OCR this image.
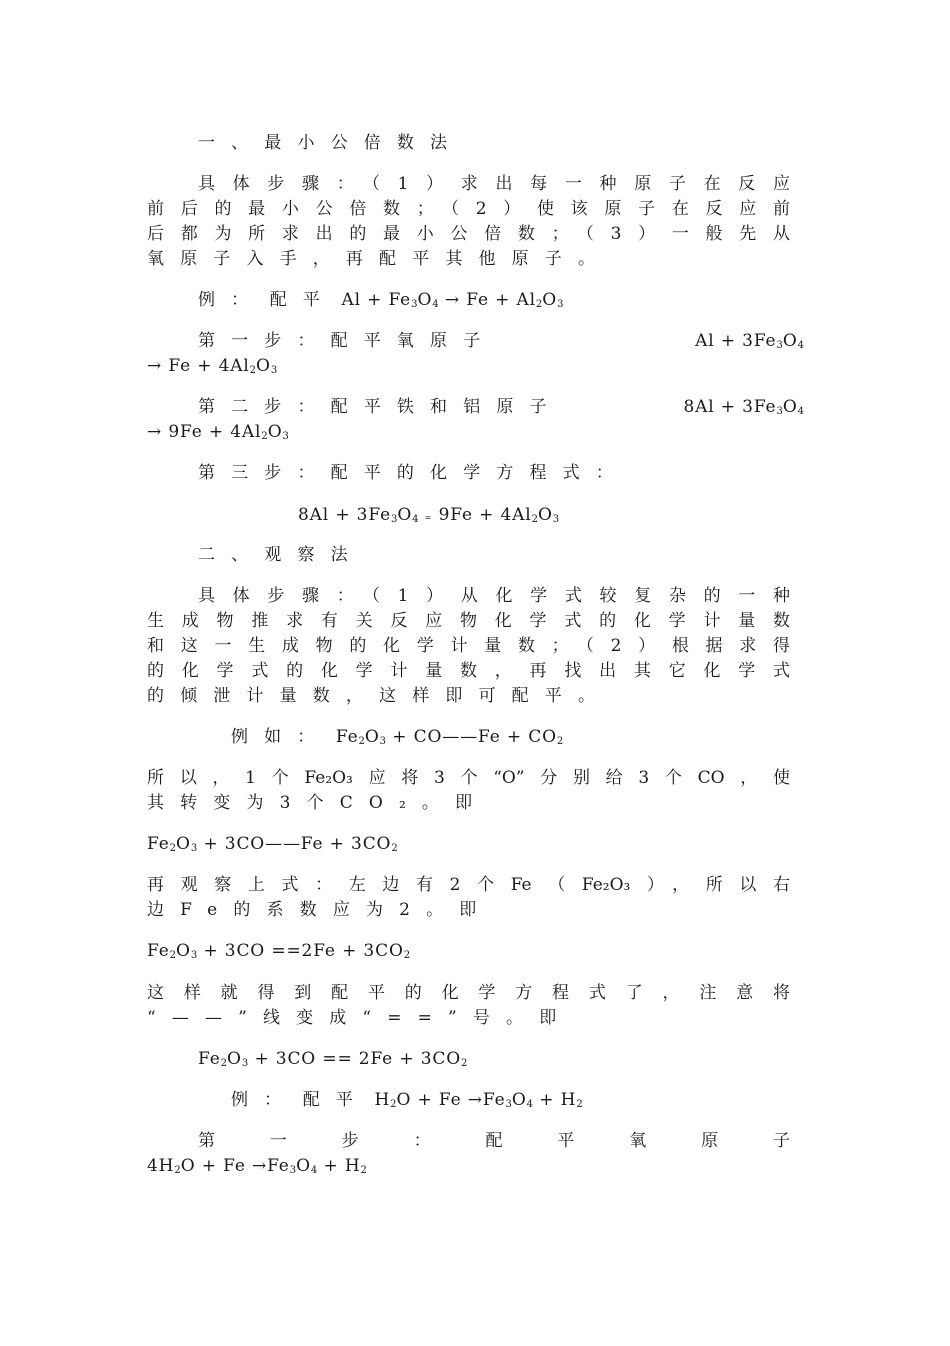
一、最小公倍数法
具体步骤：（1）求出每一种原子在反应
前后的最小公倍数；（2）使该原子在反应前
后都为所求出的最小公倍数；（3）一般先从
氧原子入手，再配平其他原子。
例： 配平 $Al + Fe_3O_4 \to Fe + Al_2O_3$
第一步：配平氧原子	$Al + 3Fe_3O_4$
→ $Fe + 4Al_2O_3$
第二步：配平铁和铝原子	$8Al + 3Fe_3O_4$
→ $9Fe + 4Al_2O_3$
第三步：配平的化学方程式：
$8Al + 3Fe_3O_4 = 9Fe + 4Al_2O_3$
二、观察法
具体步骤：（1）从化学式较复杂的一种
生成物推求有关反应物化学式的化学计量数
和这一生成物的化学计量数；（2）根据求得
的化学式的化学计量数，再找出其它化学式
的倾泄计量数，这样即可配平。
例如： $Fe_2O_3$ + CO——Fe + $CO_2$
所以，1个Fe₂O₃应将3个“O”分别给3个CO，使
其转变为3个CO₂。即
$Fe_2O_3$ + 3CO——Fe + $3CO_2$
再观察上式：左边有2个Fe（Fe₂O₃），所以右
边Fe的系数应为2。即
$Fe_2O_3 + 3CO ==2Fe + 3CO_2$
这样就得到配平的化学方程式了，注意将
“——”线变成“==”号。即
$Fe_2O_3 + 3CO == 2Fe + 3CO_2$
例： 配平 $H_2O + Fe \to Fe_3O_4 + H_2$
第一步：配平氧原子
$4H_2O + Fe \to Fe_3O_4 + H_2$
